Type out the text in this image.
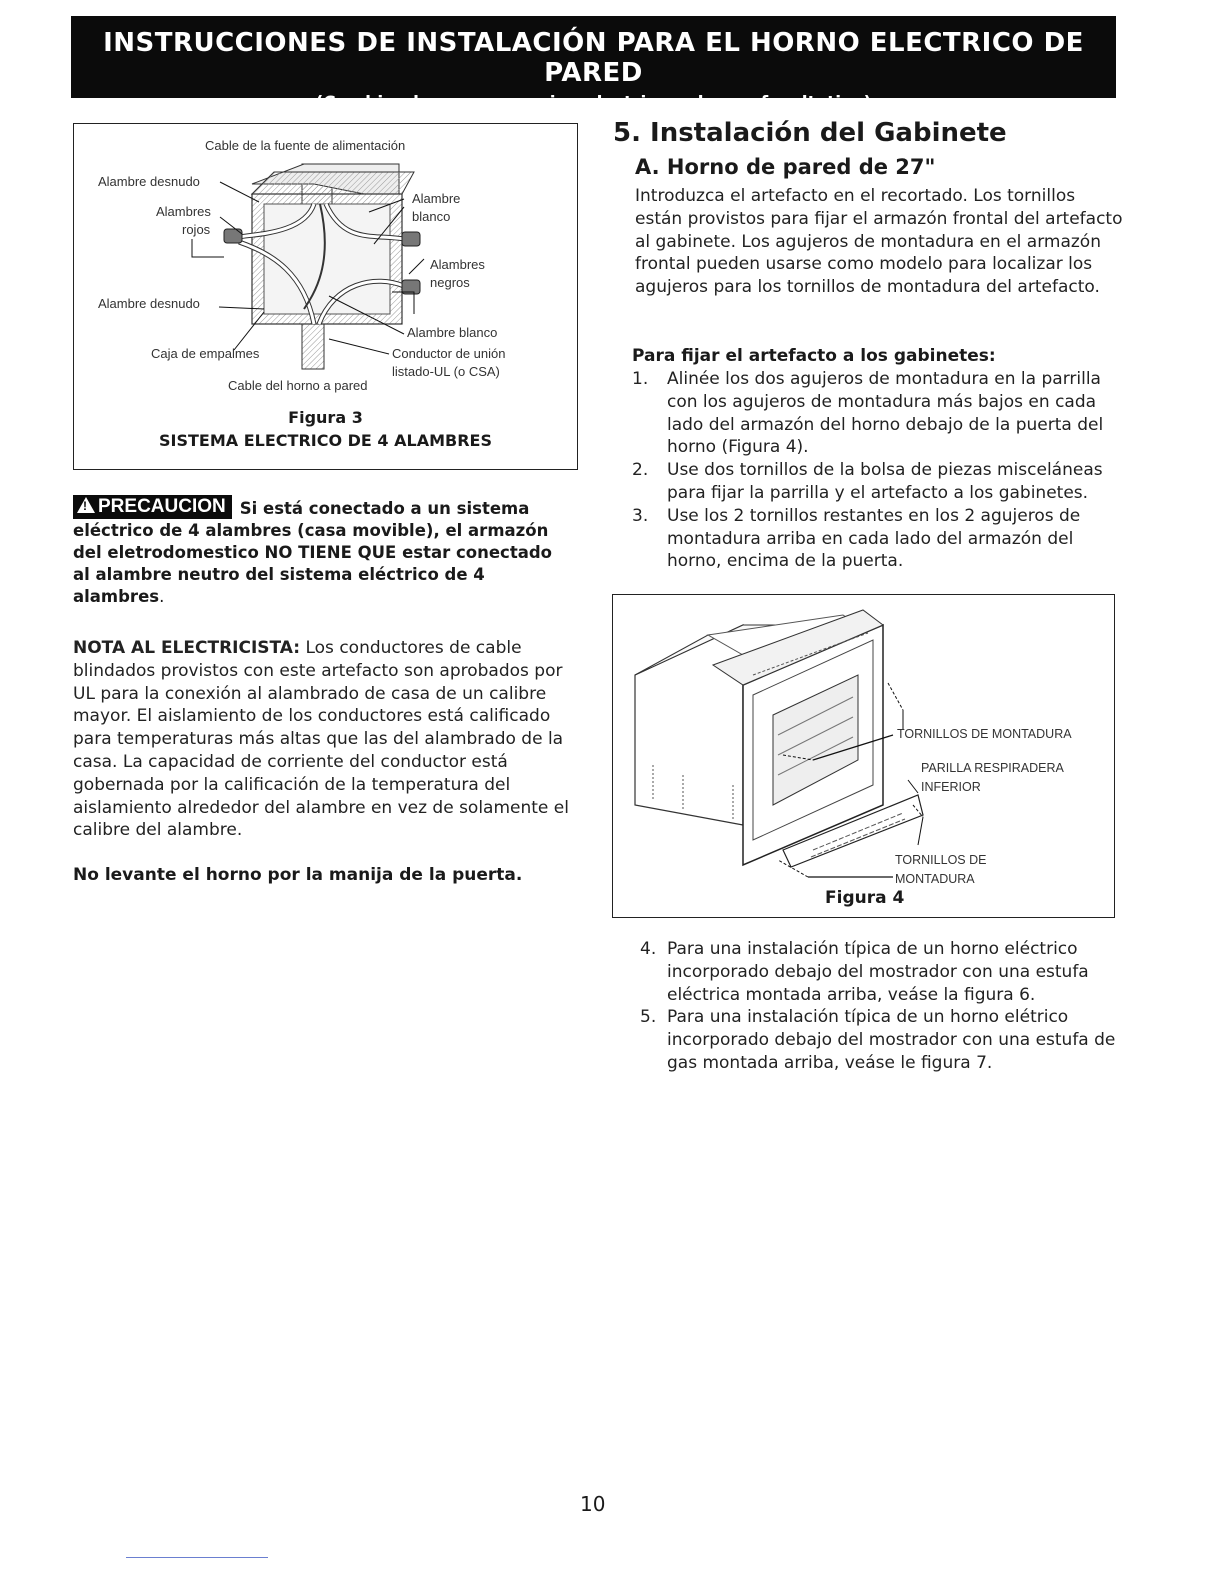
INSTRUCCIONES DE INSTALACIÓN PARA EL HORNO ELECTRICO DE PARED
(Combinado con una cocina electrica o de gas facultativa)
Cable de la fuente de alimentación
Alambre desnudo
Alambres
rojos
Alambre
blanco
Alambres
negros
Alambre desnudo
Alambre blanco
Caja de empalmes	Conductor de unión
listado-UL (o CSA)
Cable del horno a pared
Figura 3
SISTEMA ELECTRICO DE 4 ALAMBRES
! PRECAUCION Si está conectado a un sistema eléctrico de 4 alambres (casa movible), el armazón del eletrodomestico NO TIENE QUE estar conectado al alambre neutro del sistema eléctrico de 4 alambres.
NOTA AL ELECTRICISTA: Los conductores de cable blindados provistos con este artefacto son aprobados por UL para la conexión al alambrado de casa de un calibre mayor. El aislamiento de los conductores está calificado para temperaturas más altas que las del alambrado de la casa. La capacidad de corriente del conductor está gobernada por la calificación de la temperatura del aislamiento alrededor del alambre en vez de solamente el calibre del alambre.
No levante el horno por la manija de la puerta.
5. Instalación del Gabinete
A. Horno de pared de 27"
Introduzca el artefacto en el recortado. Los tornillos están provistos para fijar el armazón frontal del artefacto al gabinete. Los agujeros de montadura en el armazón frontal pueden usarse como modelo para localizar los agujeros para los tornillos de montadura del artefacto.
Para fijar el artefacto a los gabinetes:
1. Alinée los dos agujeros de montadura en la parrilla con los agujeros de montadura más bajos en cada lado del armazón del horno debajo de la puerta del horno (Figura 4).
2. Use dos tornillos de la bolsa de piezas misceláneas para fijar la parrilla y el artefacto a los gabinetes.
3. Use los 2 tornillos restantes en los 2 agujeros de montadura arriba en cada lado del armazón del horno, encima de la puerta.
TORNILLOS DE MONTADURA
PARILLA RESPIRADERA
INFERIOR
TORNILLOS DE
MONTADURA
Figura 4
4. Para una instalación típica de un horno eléctrico incorporado debajo del mostrador con una estufa eléctrica montada arriba, veáse la figura 6.
5. Para una instalación típica de un horno elétrico incorporado debajo del mostrador con una estufa de gas montada arriba, veáse le figura 7.
10
